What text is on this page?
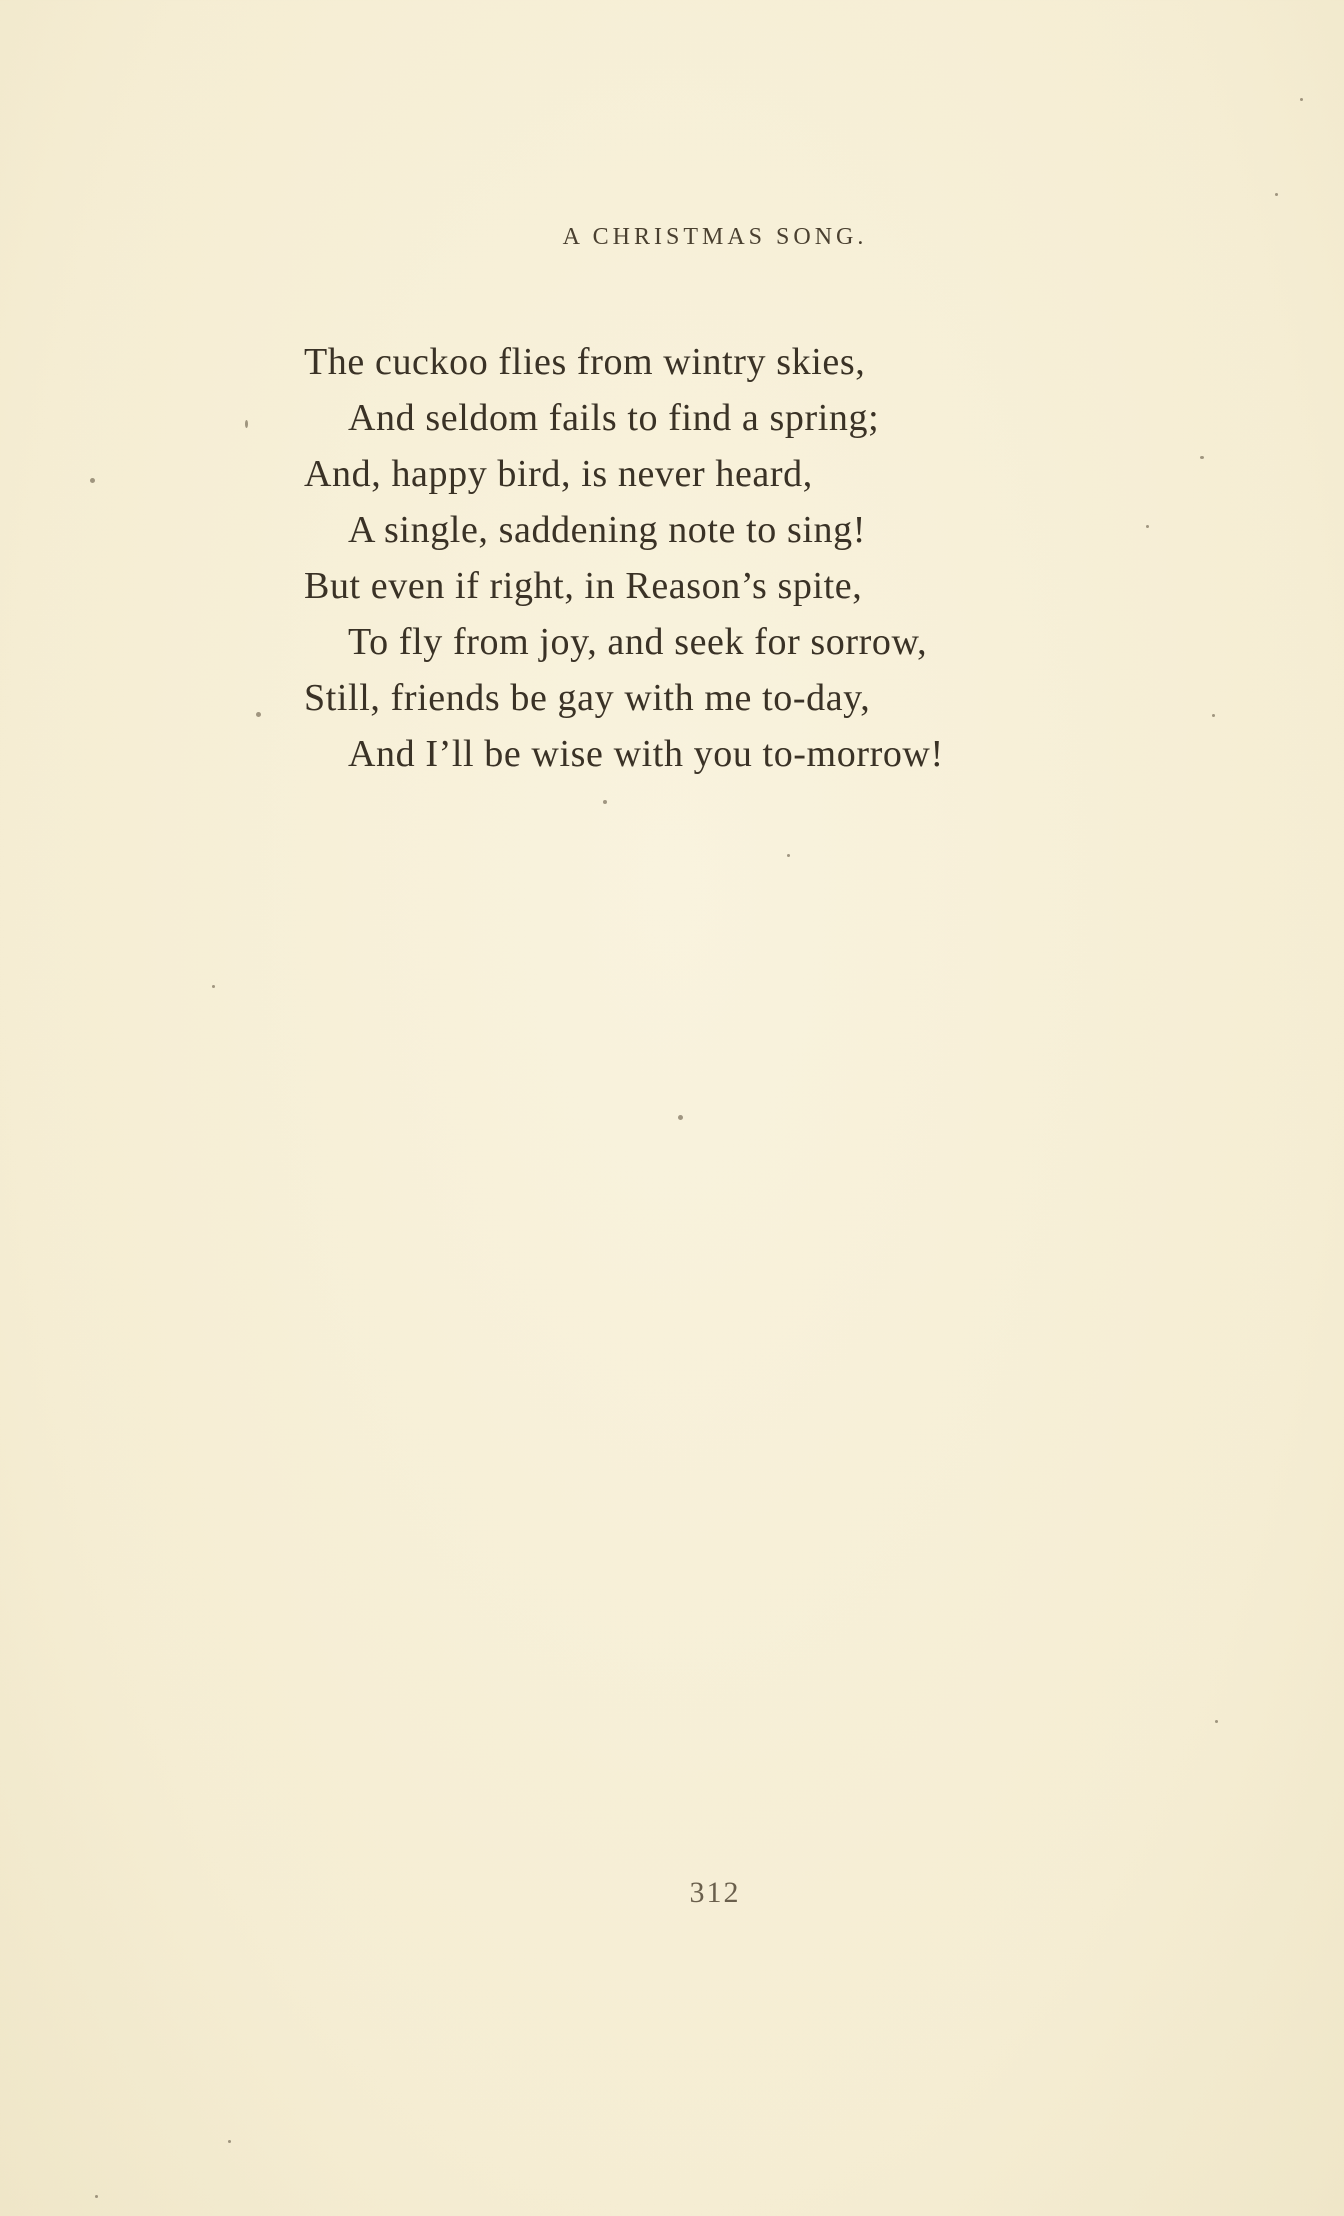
A CHRISTMAS SONG.
The cuckoo flies from wintry skies,
And seldom fails to find a spring;
And, happy bird, is never heard,
A single, saddening note to sing!
But even if right, in Reason’s spite,
To fly from joy, and seek for sorrow,
Still, friends be gay with me to-day,
And I’ll be wise with you to-morrow!
312
